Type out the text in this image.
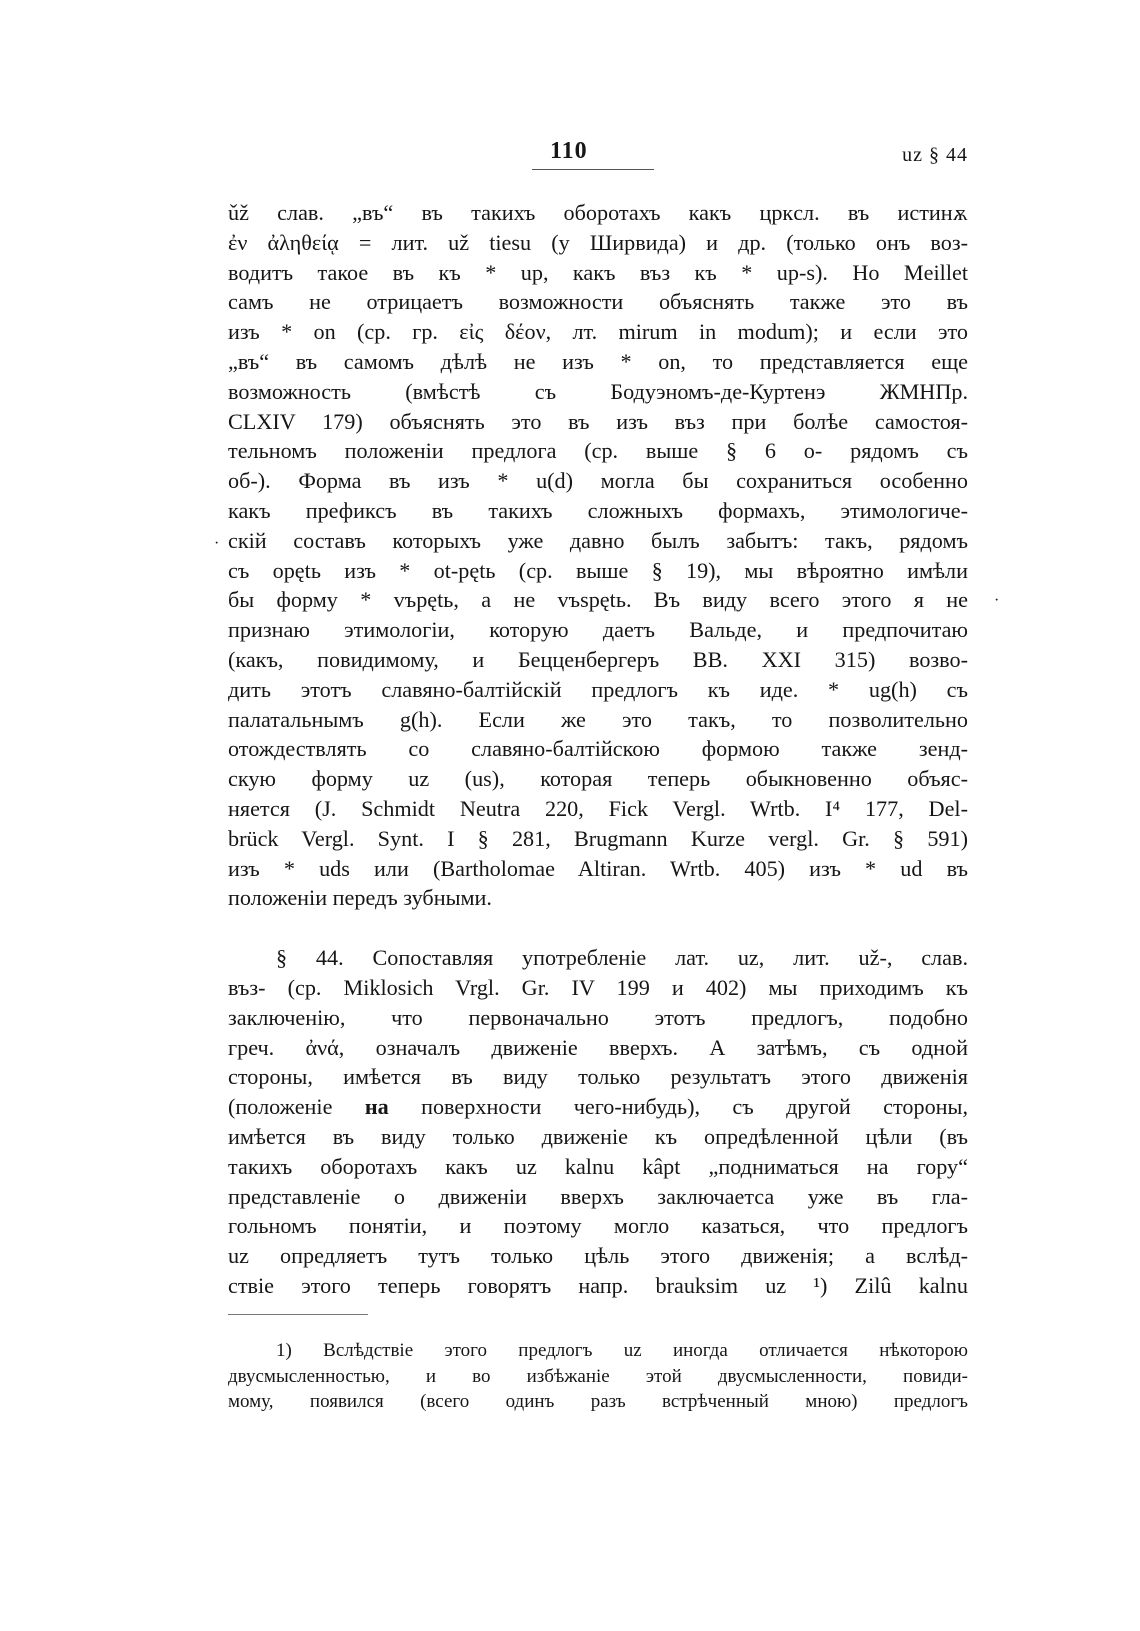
110	uz § 44
·
·
ǔž слав. „въ“ въ такихъ оборотахъ какъ цркcл. въ истинѫ
ἐν ἀληθείᾳ = лит. už tiesu (у Ширвида) и др. (только онъ воз-
водитъ такое въ къ * up, какъ въз къ * up-s). Но Meillet
самъ не отрицаетъ возможности объяснять также это въ
изъ * on (ср. гр. εἰς δέον, лт. mirum in modum); и если это
„въ“ въ самомъ дѣлѣ не изъ * on, то представляется еще
возможность (вмѣстѣ съ Бодуэномъ-де-Куртенэ ЖМНПр.
CLXIV 179) объяснять это въ изъ въз при болѣе самостоя-
тельномъ положенiи предлога (ср. выше § 6 о- рядомъ съ
об-). Форма въ изъ * u(d) могла бы сохраниться особенно
какъ префиксъ въ такихъ сложныхъ формахъ, этимологиче-
скiй составъ которыхъ уже давно былъ забытъ: такъ, рядомъ
съ opętь изъ * ot-pętь (ср. выше § 19), мы вѣроятно имѣли
бы форму * vъpętь, а не vъspętь. Въ виду всего этого я не
признаю этимологiи, которую даетъ Вальде, и предпочитаю
(какъ, повидимому, и Бецценбергеръ BB. XXI 315) возво-
дить этотъ славяно-балтiйскiй предлогъ къ иде. * ug(h) съ
палатальнымъ g(h). Если же это такъ, то позволительно
отождествлять со славяно-балтiйскою формою также зенд-
скую форму uz (us), которая теперь обыкновенно объяс-
няется (J. Schmidt Neutra 220, Fick Vergl. Wrtb. I⁴ 177, Del-
brück Vergl. Synt. I § 281, Brugmann Kurze vergl. Gr. § 591)
изъ * uds или (Bartholomae Altiran. Wrtb. 405) изъ * ud въ
положенiи передъ зубными.
§ 44. Сопоставляя употребленiе лат. uz, лит. už-, слав.
въз- (ср. Miklosich Vrgl. Gr. IV 199 и 402) мы приходимъ къ
заключенiю, что первоначально этотъ предлогъ, подобно
греч. ἀνά, означалъ движенiе вверхъ. А затѣмъ, съ одной
стороны, имѣется въ виду только результатъ этого движенiя
(положенiе на поверхности чего-нибудь), съ другой стороны,
имѣется въ виду только движенiе къ опредѣленной цѣли (въ
такихъ оборотахъ какъ uz kalnu kâpt „подниматься на гору“
представленiе о движенiи вверхъ заключаетса уже въ гла-
гольномъ понятiи, и поэтому могло казаться, что предлогъ
uz опредляетъ тутъ только цѣль этого движенiя; а вслѣд-
ствiе этого теперь говорятъ напр. brauksim uz ¹) Zilû kalnu
1) Вслѣдствiе этого предлогъ uz иногда отличается нѣкоторою
двусмысленностью, и во избѣжанiе этой двусмысленности, повиди-
мому, появился (всего одинъ разъ встрѣченный мною) предлогъ
